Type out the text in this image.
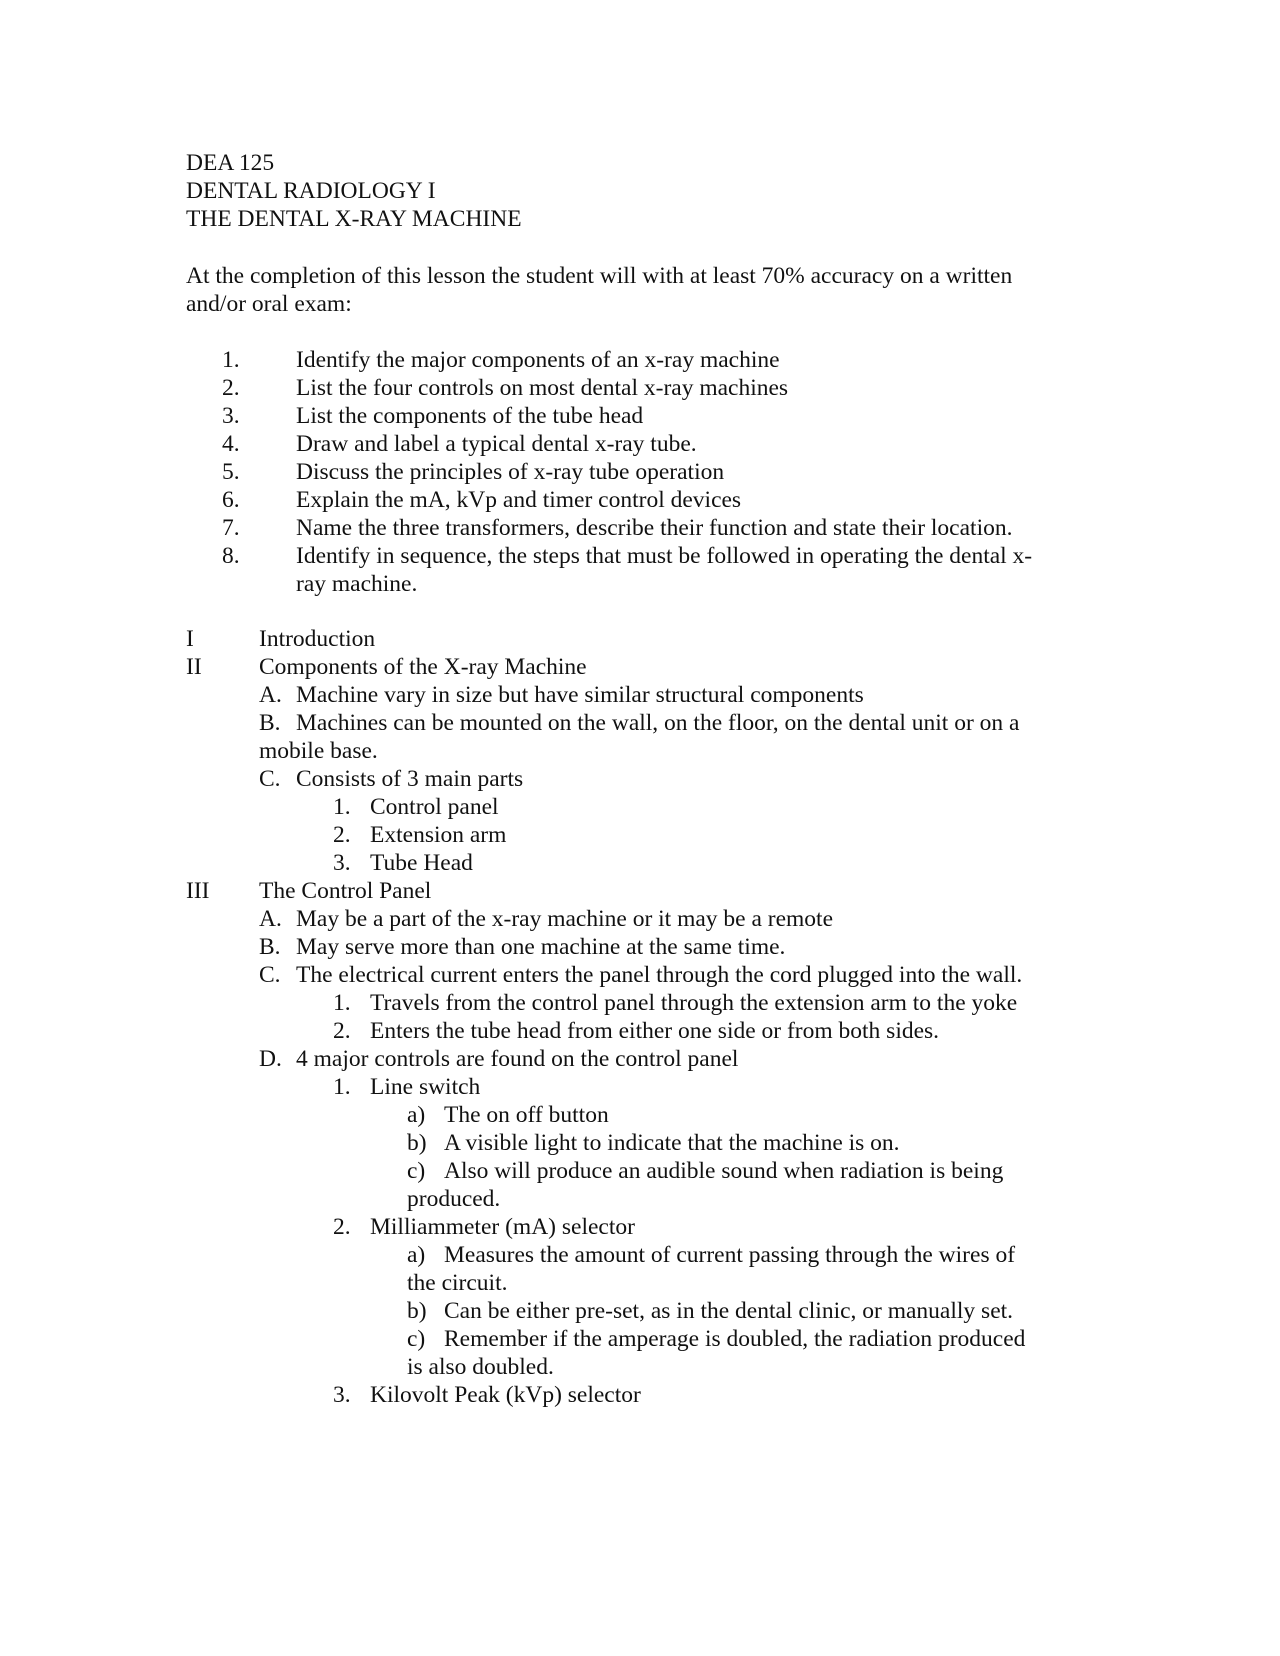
DEA 125
DENTAL RADIOLOGY I
THE DENTAL X-RAY MACHINE
At the completion of this lesson the student will with at least 70% accuracy on a written
and/or oral exam:
1. Identify the major components of an x-ray machine
2. List the four controls on most dental x-ray machines
3. List the components of the tube head
4. Draw and label a typical dental x-ray tube.
5. Discuss the principles of x-ray tube operation
6. Explain the mA, kVp and timer control devices
7. Name the three transformers, describe their function and state their location.
8. Identify in sequence, the steps that must be followed in operating the dental x-
ray machine.
I	Introduction
II Components of the X-ray Machine
A. Machine vary in size but have similar structural components
B. Machines can be mounted on the wall, on the floor, on the dental unit or on a
mobile base.
C. Consists of 3 main parts
1. Control panel
2. Extension arm
3. Tube Head
III The Control Panel
A. May be a part of the x-ray machine or it may be a remote
B. May serve more than one machine at the same time.
C. The electrical current enters the panel through the cord plugged into the wall.
1. Travels from the control panel through the extension arm to the yoke
2. Enters the tube head from either one side or from both sides.
D. 4 major controls are found on the control panel
1. Line switch
a) The on off button
b) A visible light to indicate that the machine is on.
c) Also will produce an audible sound when radiation is being
produced.
2. Milliammeter (mA) selector
a) Measures the amount of current passing through the wires of
the circuit.
b) Can be either pre-set, as in the dental clinic, or manually set.
c) Remember if the amperage is doubled, the radiation produced
is also doubled.
3. Kilovolt Peak (kVp) selector
